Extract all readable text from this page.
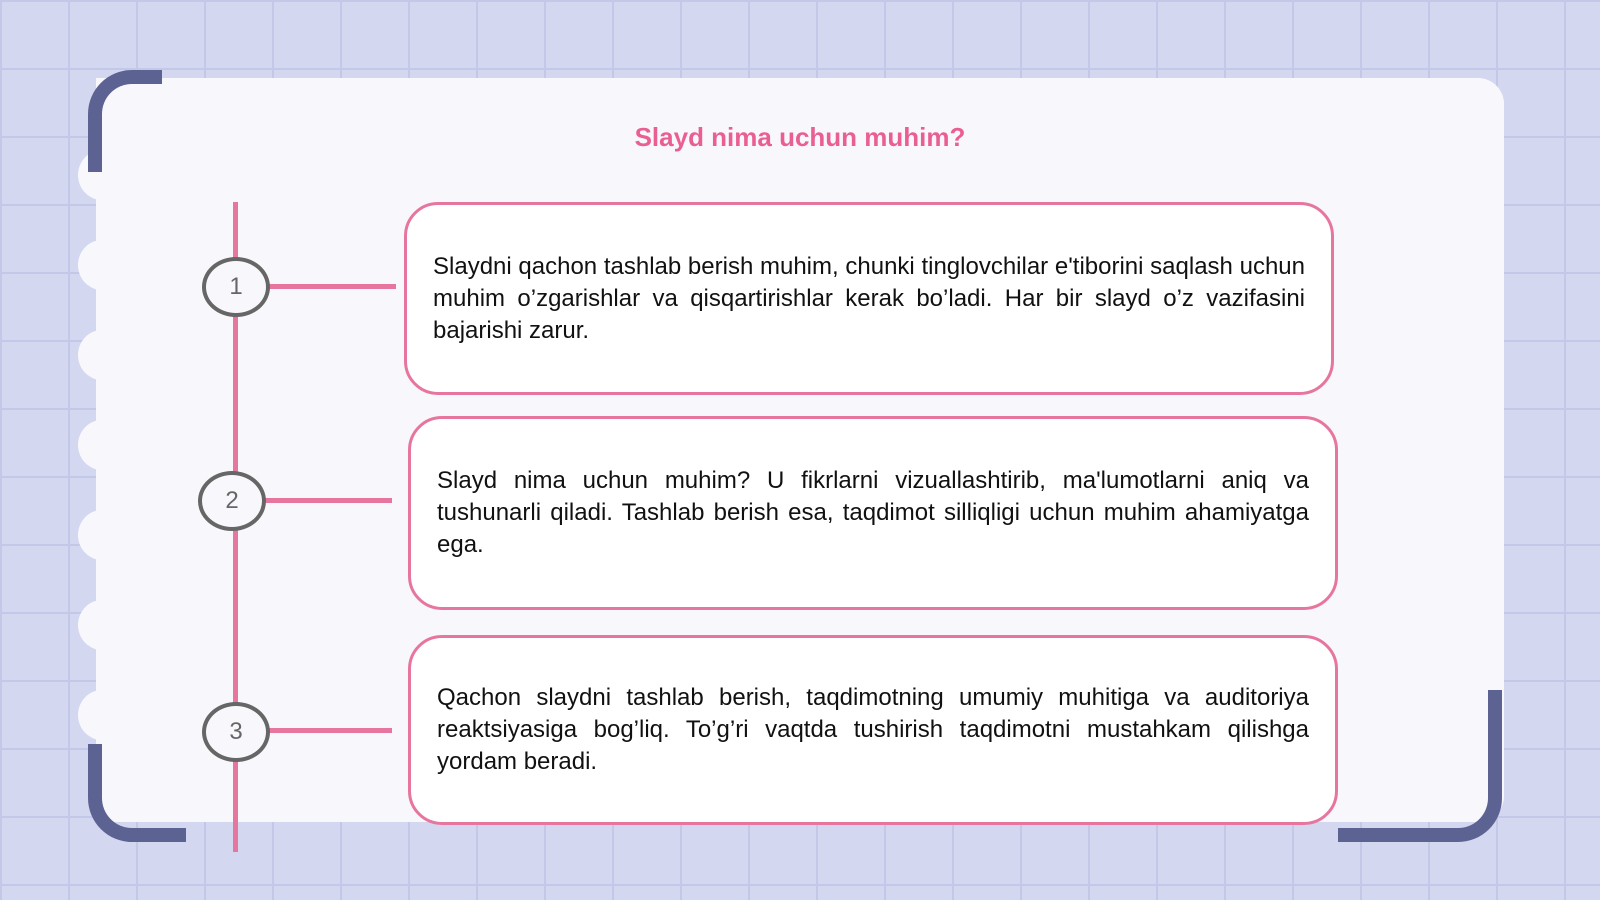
Slayd nima uchun muhim?
1

Slaydni qachon tashlab berish muhim, chunki tinglovchilar e'tiborini saqlash uchun muhim o’zgarishlar va qisqartirishlar kerak bo’ladi. Har bir slayd o’z vazifasini bajarishi zarur.

2

Slayd nima uchun muhim? U fikrlarni vizuallashtirib, ma'lumotlarni aniq va tushunarli qiladi. Tashlab berish esa, taqdimot silliqligi uchun muhim ahamiyatga ega.

3

Qachon slaydni tashlab berish, taqdimotning umumiy muhitiga va auditoriya reaktsiyasiga bog’liq. To’g’ri vaqtda tushirish taqdimotni mustahkam qilishga yordam beradi.
